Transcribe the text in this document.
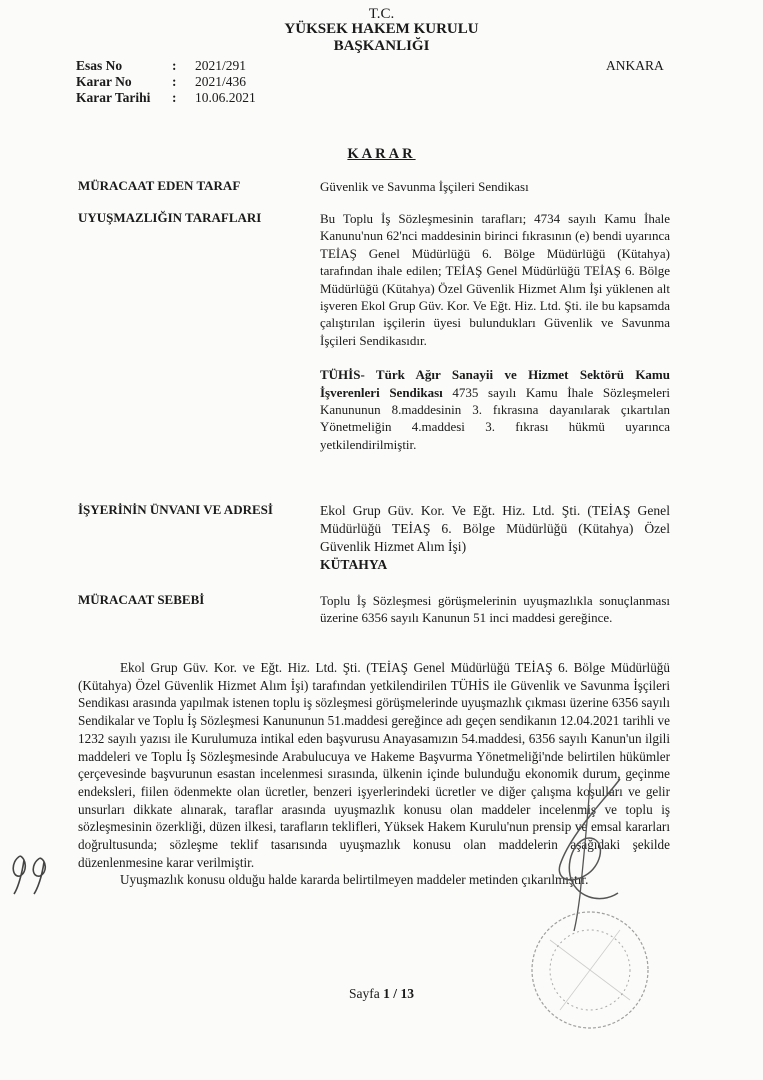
T.C.
YÜKSEK HAKEM KURULU
BAŞKANLIĞI
Esas No	: 2021/291
Karar No	: 2021/436
Karar Tarihi : 10.06.2021
ANKARA
KARAR
MÜRACAAT EDEN TARAF	Güvenlik ve Savunma İşçileri Sendikası
UYUŞMAZLIĞIN TARAFLARI	Bu Toplu İş Sözleşmesinin tarafları; 4734 sayılı Kamu İhale Kanunu'nun 62'nci maddesinin birinci fıkrasının (e) bendi uyarınca TEİAŞ Genel Müdürlüğü 6. Bölge Müdürlüğü (Kütahya) tarafından ihale edilen; TEİAŞ Genel Müdürlüğü TEİAŞ 6. Bölge Müdürlüğü (Kütahya) Özel Güvenlik Hizmet Alım İşi yüklenen alt işveren Ekol Grup Güv. Kor. Ve Eğt. Hiz. Ltd. Şti. ile bu kapsamda çalıştırılan işçilerin üyesi bulundukları Güvenlik ve Savunma İşçileri Sendikasıdır.

TÜHİS- Türk Ağır Sanayii ve Hizmet Sektörü Kamu İşverenleri Sendikası 4735 sayılı Kamu İhale Sözleşmeleri Kanununun 8.maddesinin 3. fıkrasına dayanılarak çıkartılan Yönetmeliğin 4.maddesi 3. fıkrası hükmü uyarınca yetkilendirilmiştir.

İŞYERİNİN ÜNVANI VE ADRESİ	Ekol Grup Güv. Kor. Ve Eğt. Hiz. Ltd. Şti. (TEİAŞ Genel Müdürlüğü TEİAŞ 6. Bölge Müdürlüğü (Kütahya) Özel Güvenlik Hizmet Alım İşi)

KÜTAHYA

MÜRACAAT SEBEBİ	Toplu İş Sözleşmesi görüşmelerinin uyuşmazlıkla sonuçlanması üzerine 6356 sayılı Kanunun 51 inci maddesi gereğince.

Ekol Grup Güv. Kor. ve Eğt. Hiz. Ltd. Şti. (TEİAŞ Genel Müdürlüğü TEİAŞ 6. Bölge Müdürlüğü (Kütahya) Özel Güvenlik Hizmet Alım İşi) tarafından yetkilendirilen TÜHİS ile Güvenlik ve Savunma İşçileri Sendikası arasında yapılmak istenen toplu iş sözleşmesi görüşmelerinde uyuşmazlık çıkması üzerine 6356 sayılı Sendikalar ve Toplu İş Sözleşmesi Kanununun 51.maddesi gereğince adı geçen sendikanın 12.04.2021 tarihli ve 1232 sayılı yazısı ile Kurulumuza intikal eden başvurusu Anayasamızın 54.maddesi, 6356 sayılı Kanun'un ilgili maddeleri ve Toplu İş Sözleşmesinde Arabulucuya ve Hakeme Başvurma Yönetmeliği'nde belirtilen hükümler çerçevesinde başvurunun esastan incelenmesi sırasında, ülkenin içinde bulunduğu ekonomik durum, geçinme endeksleri, fiilen ödenmekte olan ücretler, benzeri işyerlerindeki ücretler ve diğer çalışma koşulları ve gelir unsurları dikkate alınarak, taraflar arasında uyuşmazlık konusu olan maddeler incelenmiş ve toplu iş sözleşmesinin özerkliği, düzen ilkesi, tarafların teklifleri, Yüksek Hakem Kurulu'nun prensip ve emsal kararları doğrultusunda; sözleşme teklif tasarısında uyuşmazlık konusu olan maddelerin aşağıdaki şekilde düzenlenmesine karar verilmiştir.

Uyuşmazlık konusu olduğu halde kararda belirtilmeyen maddeler metinden çıkarılmıştır.

Sayfa 1 / 13
